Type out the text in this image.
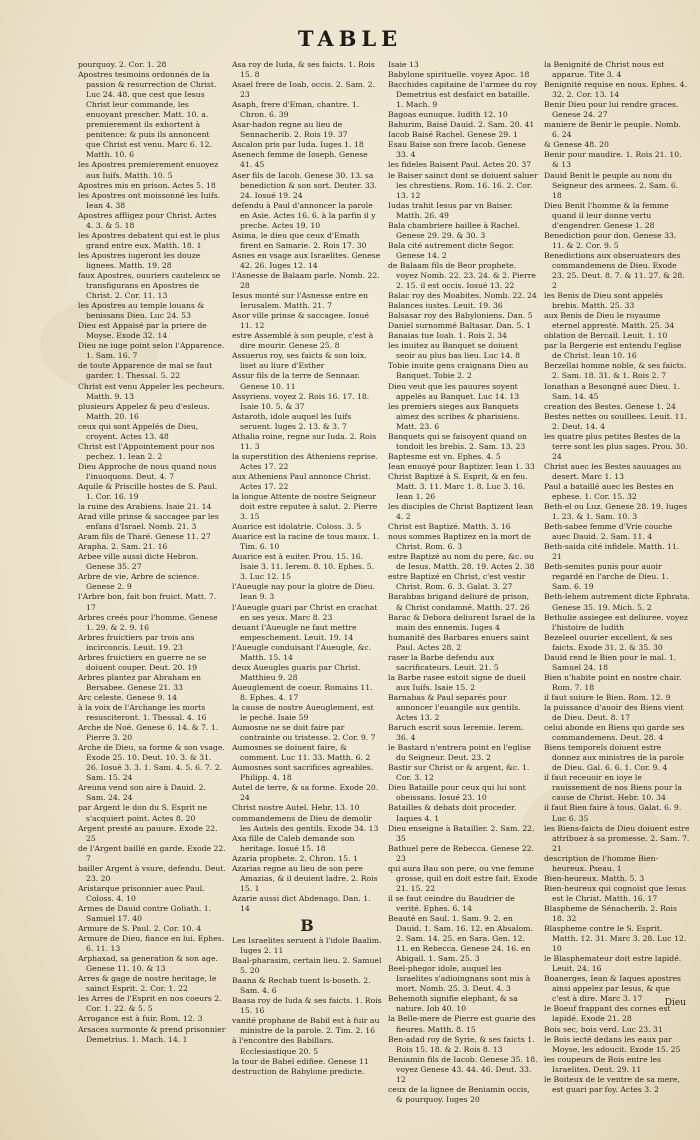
TABLE

pourquoy. 2. Cor. 1. 28

Apostres tesmoins ordonnés de la passion & resurrection de Christ. Luc 24. 48. que cest que Iesus Christ leur commande, les enuoyant prescher. Matt. 10. a. premierement ils exhortent à penitence: & puis ils annoncent que Christ est venu. Marc 6. 12. Matth. 10. 6

les Apostres premierement enuoyez aux Iuifs. Matth. 10. 5

Apostres mis en prison. Actes 5. 18

les Apostres ont moissonné les Iuifs. Iean 4. 38

Apostres affligez pour Christ. Actes 4. 3. & 5. 18

les Apostres debatent qui est le plus grand entre eux. Matth. 18. 1

les Apostres iugeront les douze lignees. Matth. 19. 28

faux Apostres, ouuriers cauteleux se transfigurans en Apostres de Christ. 2. Cor. 11. 13

les Apostres au temple louans & benissans Dieu. Luc 24. 53

Dieu est Appaisé par la priere de Moyse. Exode 32. 14

Dieu ne iuge point selon l'Apparence. 1. Sam. 16. 7

de toute Apparence de mal se faut garder. 1. Thessal. 5. 22

Christ est venu Appeler les pecheurs. Matth. 9. 13

plusieurs Appelez & peu d'esleus. Matth. 20. 16

ceux qui sont Appelés de Dieu, croyent. Actes 13. 48

Christ est l'Appointement pour nos pechez. 1. Iean 2. 2

Dieu Approche de nous quand nous l'inuoquons. Deut. 4. 7

Aquile & Priscille hostes de S. Paul. 1. Cor. 16. 19

la ruine des Arabiens. Isaie 21. 14

Arad ville prinse & saccagee par les enfans d'Israel. Nomb. 21. 3

Aram fils de Tharé. Genese 11. 27

Arapha. 2. Sam. 21. 16

Arbee ville aussi dicte Hebron. Genese 35. 27

Arbre de vie, Arbre de science. Genese 2. 9

l'Arbre bon, fait bon fruict. Matt. 7. 17

Arbres creés pour l'homme. Genese 1. 29. & 2. 9. 16

Arbres fruictiers par trois ans incirconcis. Leuit. 19. 23

Arbres fruictiers en guerre ne se doiuent couper. Deut. 20. 19

Arbres plantez par Abraham en Bersabee. Genese 21. 33

Arc celeste. Genese 9. 14

à la voix de l'Archange les morts resusciteront. 1. Thessal. 4. 16

Arche de Noé. Genese 6. 14. & 7. 1. Pierre 3. 20

Arche de Dieu, sa forme & son vsage. Exode 25. 10. Deut. 10. 3. & 31. 26. Iosué 3. 3. 1. Sam. 4. 5. 6. 7. 2. Sam. 15. 24

Areuna vend son aire à Dauid. 2. Sam. 24. 24

par Argent le don du S. Esprit ne s'acquiert point. Actes 8. 20

Argent presté au pauure. Exode 22. 25

de l'Argent baillé en garde. Exode 22. 7

bailler Argent à vsure, defendu. Deut. 23. 20

Aristarque prisonnier auec Paul. Coloss. 4. 10

Armes de Dauid contre Goliath. 1. Samuel 17. 40

Armure de S. Paul. 2. Cor. 10. 4

Armure de Dieu, fiance en lui. Ephes. 6. 11. 13

Arphaxad, sa generation & son age. Genese 11. 10. & 13

Arres & gage de nostre heritage, le sainct Esprit. 2. Cor. 1. 22

les Arres de l'Esprit en nos coeurs 2. Cor. 1. 22. & 5. 5

Arrogance est à fuir. Rom. 12. 3

Arsaces surmonte & prend prisonnier Demetrius. 1. Mach. 14. 1

Asa roy de Iuda, & ses faicts. 1. Rois 15. 8

Asael frere de Ioab, occis. 2. Sam. 2. 23

Asaph, frere d'Eman, chantre. 1. Chron. 6. 39

Asar-hadon regne au lieu de Sennacherib. 2. Rois 19. 37

Ascalon pris par Iuda. Iuges 1. 18

Asenech femme de Ioseph. Genese 41. 45

Aser fils de Iacob. Genese 30. 13. sa benediction & son sort. Deuter. 33. 24. Iosué 19. 24

defendu à Paul d'annoncer la parole en Asie. Actes 16. 6. à la parfin il y preche. Actes 19. 10

Asima, le dieu que ceux d'Emath firent en Samarie. 2. Rois 17. 30

Asnes en vsage aux Israelites. Genese 42. 26. Iuges 12. 14

l'Asnesse de Balaam parle. Nomb. 22. 28

Iesus monté sur l'Asnesse entre en Ierusalem. Matth. 21. 7

Asor ville prinse & saccagee. Iosué 11. 12

estre Assemblé à son peuple, c'est à dire mourir. Genese 25. 8

Assuerus roy, ses faicts & son loix. liset au liure d'Esther

Assur fils de la terre de Sennaar. Genese 10. 11

Assyriens. voyez 2. Rois 16. 17. 18. Isaie 10. 5. & 37

Astaroth, idole auquel les Iuifs seruent. Iuges 2. 13. & 3. 7

Athalia roine, regne sur Iuda. 2. Rois 11. 3

la superstition des Atheniens reprise. Actes 17. 22

aux Atheniens Paul annonce Christ. Actes 17. 22

la longue Attente de nostre Seigneur doit estre reputee à salut. 2. Pierre 3. 15

Auarice est idolatrie. Coloss. 3. 5

Auarice est la racine de tous maux. 1. Tim. 6. 10

Auarice est à euiter. Prou. 15. 16. Isaie 3. 11. Ierem. 8. 10. Ephes. 5. 3. Luc 12. 15

l'Aueugle nay pour la gloire de Dieu. Iean 9. 3

l'Aueugle guari par Christ en crachat en ses yeux. Marc 8. 23

deuant l'Aueugle ne faut mettre empeschement. Leuit. 19. 14

l'Aueugle conduisant l'Aueugle, &c. Matth. 15. 14

deux Aueugles guaris par Christ. Matthieu 9. 28

Aueuglement de coeur. Romains 11. 8. Ephes. 4. 17

la cause de nostre Aueuglement, est le peché. Isaie 59

Aumosne ne se doit faire par contrainte ou tristesse. 2. Cor. 9. 7

Aumosnes se doiuent faire, & comment. Luc 11. 33. Matth. 6. 2

Aumosnes sont sacrifices agreables. Philipp. 4. 18

Autel de terre, & sa forme. Exode 20. 24

Christ nostre Autel. Hebr. 13. 10

commandemens de Dieu de demolir les Autels des gentils. Exode 34. 13

Axa fille de Caleb demande son heritage. Iosué 15. 18

Azaria prophete. 2. Chron. 15. 1

Azarias regne au lieu de son pere Amazias, & il deuient ladre. 2. Rois 15. 1

Azarie aussi dict Abdenago. Dan. 1. 14

B

Les Israelites seruent à l'idole Baalim. Iuges 2. 11

Baal-pharasim, certain lieu. 2. Samuel 5. 20

Baana & Rechab tuent Is-boseth. 2. Sam. 4. 6

Baasa roy de Iuda & ses faicts. 1. Rois 15. 16

vanité prophane de Babil est à fuir au ministre de la parole. 2. Tim. 2. 16

à l'encontre des Babillars. Ecclesiastique 20. 5

la tour de Babel edifiee. Genese 11

destruction de Babylone predicte.

Isaie 13

Babylone spirituelle. voyez Apoc. 18

Bacchides capitaine de l'armee du roy Demetrius est desfaict en bataille. 1. Mach. 9

Bagoas eunuque. Iudith 12. 10

Bahurim, Baisé Dauid. 2. Sam. 20. 41

Iacob Baisé Rachel. Genese 29. 1

Esau Baise son frere Iacob. Genese 33. 4

les fideles Baisent Paul. Actes 20. 37

le Baiser sainct dont se doiuent saluer les chrestiens. Rom. 16. 16. 2. Cor. 13. 12

Iudas trahit Iesus par vn Baiser. Matth. 26. 49

Bala chambriere baillee à Rachel. Genese 29. 29. & 30. 3

Bala cité autrement dicte Segor. Genese 14. 2

de Balaam fils de Beor prophete. voyez Nomb. 22. 23. 24. & 2. Pierre 2. 15. il est occis. Iosué 13. 22

Balac roy des Moabites. Nomb. 22. 24

Balances iustes. Leuit. 19. 36

Balsasar roy des Babyloniens. Dan. 5

Daniel surnommé Baltasar. Dan. 5. 1

Banaias tue Ioab. 1. Rois 2. 34

les inuitez au Banquet se doiuent seoir au plus bas lieu. Luc 14. 8

Tobie inuite gens craignans Dieu au Banquet. Tobie 2. 2

Dieu veut que les pauures soyent appelés au Banquet. Luc 14. 13

les premiers sieges aux Banquets aimez des scribes & pharisiens. Matt. 23. 6

Banquets qui se faisoyent quand on tondoit les brebis. 2. Sam. 13. 23

Baptesme est vn. Ephes. 4. 5

Iean enuoyé pour Baptizer. Iean 1. 33

Christ Baptizé à S. Esprit, & en feu. Matt. 3. 11. Marc 1. 8. Luc 3. 16. Iean 1. 26

les disciples de Christ Baptizent Iean 4. 2

Christ est Baptizé. Matth. 3. 16

nous sommes Baptizez en la mort de Christ. Rom. 6. 3

estre Baptizé au nom du pere, &c. ou de Iesus. Matth. 28. 19. Actes 2. 38

estre Baptizé en Christ, c'est vestir Christ. Rom. 6. 3. Galat. 3. 27

Barabbas brigand deliuré de prison, & Christ condamné. Matth. 27. 26

Barac & Debora deliurent Israel de la main des ennemis. Iuges 4

humanité des Barbares enuers saint Paul. Actes 28. 2

raser la Barbe defendu aux sacrificateurs. Leuit. 21. 5

la Barbe rasee estoit signe de dueil aux Iuifs. Isaie 15. 2

Barnabas & Paul separés pour annoncer l'euangile aux gentils. Actes 13. 2

Baruch escrit sous Ieremie. Ierem. 36. 4

le Bastard n'entrera point en l'eglise du Seigneur. Deut. 23. 2

Bastir sur Christ or & argent, &c. 1. Cor. 3. 12

Dieu Bataille pour ceux qui lui sont obeissans. Iosué 23. 10

Batailles & debats doit proceder. Iaques 4. 1

Dieu enseigne à Batailler. 2. Sam. 22. 35

Bathuel pere de Rebecca. Genese 22. 23

qui aura Bau son pere, ou vne femme grosse, quil en doit estre fait. Exode 21. 15. 22

il se faut ceindre du Baudrier de verité. Ephes. 6. 14

Beauté en Saul. 1. Sam. 9. 2. en Dauid. 1. Sam. 16. 12. en Absalom. 2. Sam. 14. 25. en Sara. Gen. 12. 11. en Rebecca. Genese 24. 16. en Abigail. 1. Sam. 25. 3

Beel-phegor idole, auquel les Israelites s'adioingnans sont mis à mort. Nomb. 25. 3. Deut. 4. 3

Behemoth signifie elephant, & sa nature. Iob 40. 10

la Belle-mere de Pierre est guarie des fieures. Matth. 8. 15

Ben-adad roy de Syrie, & ses faicts 1. Rois 15. 18. & 2. Rois 8. 13

Beniamin fils de Iacob. Genese 35. 18. voyez Genese 43. 44. 46. Deut. 33. 12

ceux de la lignee de Beniamin occis, & pourquoy. Iuges 20

la Benignité de Christ nous est apparue. Tite 3. 4

Benignité requise en nous. Ephes. 4. 32. 2. Cor. 13. 14

Benir Dieu pour lui rendre graces. Genese 24. 27

maniere de Benir le peuple. Nomb. 6. 24

& Genese 48. 20

Benir pour maudire. 1. Rois 21. 10. & 13

Dauid Benit le peuple au nom du Seigneur des armees. 2. Sam. 6. 18

Dieu Benit l'homme & la femme quand il leur donne vertu d'engendrer. Genese 1. 28

Benediction pour don. Genese 33. 11. & 2. Cor. 9. 5

Benedictions aux obseruateurs des commandemens de Dieu. Exode 23. 25. Deut. 8. 7. & 11. 27. & 28. 2

les Benis de Dieu sont appelés brebis. Matth. 25. 33

aux Benis de Dieu le royaume eternel apprestè. Matth. 25. 34

oblation de Bercail. Leuit. 1. 10

par la Bergerie est entendu l'eglise de Christ. Iean 10. 16

Berzellai homme noble, & ses faicts. 2. Sam. 18. 31. & 1. Rois 2. 7

Ionathan a Besongné auec Dieu. 1. Sam. 14. 45

creation des Bestes. Genese 1. 24

Bestes nettes ou souillees. Leuit. 11. 2. Deut. 14. 4

les quatre plus petites Bestes de la terre sont les plus sages. Prou. 30. 24

Christ auec les Bestes sauuages au desert. Marc 1. 13

Paul a bataillé auec les Bestes en ephese. 1. Cor. 15. 32

Beth-el ou Luz. Genese 28. 19. Iuges 1. 23. & 1. Sam. 10. 3

Beth-sabee femme d'Vrie couche auec Dauid. 2. Sam. 11. 4

Beth-saida cité infidele. Matth. 11. 21

Beth-semites punis pour auoir regardé en l'arche de Dieu. 1. Sam. 6. 19

Beth-lehem autrement dicte Ephrata. Genese 35. 19. Mich. 5. 2

Bethulie assiegee est deliuree. voyez l'histoire de Iudith

Bezeleel ouurier excellent, & ses faicts. Exode 31. 2. & 35. 30

Dauid rend le Bien pour le mal. 1. Samuel 24. 18

Bien n'habite point en nostre chair. Rom. 7. 18

il faut suiure le Bien. Rom. 12. 9

la puissance d'auoir des Biens vient de Dieu. Deut. 8. 17

celui abonde en Biens qui garde ses commandemens. Deut. 28. 4

Biens temporels doiuent estre donnez aux ministres de la parole de Dieu. Gal. 6. 6. 1. Cor. 9. 4

il faut receuoir en ioye le rauissement de nos Biens pour la cause de Christ. Hebr. 10. 34

il faut Bien faire à tous. Galat. 6. 9. Luc 6. 35

les Biens-faicts de Dieu doiuent estre attribuez à sa promesse. 2. Sam. 7. 21

description de l'homme Bien-heureux. Pseau. 1

Bien-heureux. Matth. 5. 3

Bien-heureux qui cognoist que Iesus est le Christ. Matth. 16. 17

Blaspheme de Sénacherib. 2. Rois 18. 32

Blaspheme contre le S. Esprit. Matth. 12. 31. Marc 3. 28. Luc 12. 10

le Blasphemateur doit estre lapidé. Leuit. 24. 16

Boanerges, Iean & Iaques apostres ainsi appelez par Iesus, & que c'est à dire. Marc 3. 17

le Boeuf frappant des cornes est lapidé. Exode 21. 28

Bois sec, bois verd. Luc 23. 31

le Bois iecté dedans les eaux par Moyse, les adoucit. Exode 15. 25

les coupeurs de Bois entre les Israelites. Deut. 29. 11

le Boiteux de le ventre de sa mere, est guari par foy. Actes 3. 2

Dieu
